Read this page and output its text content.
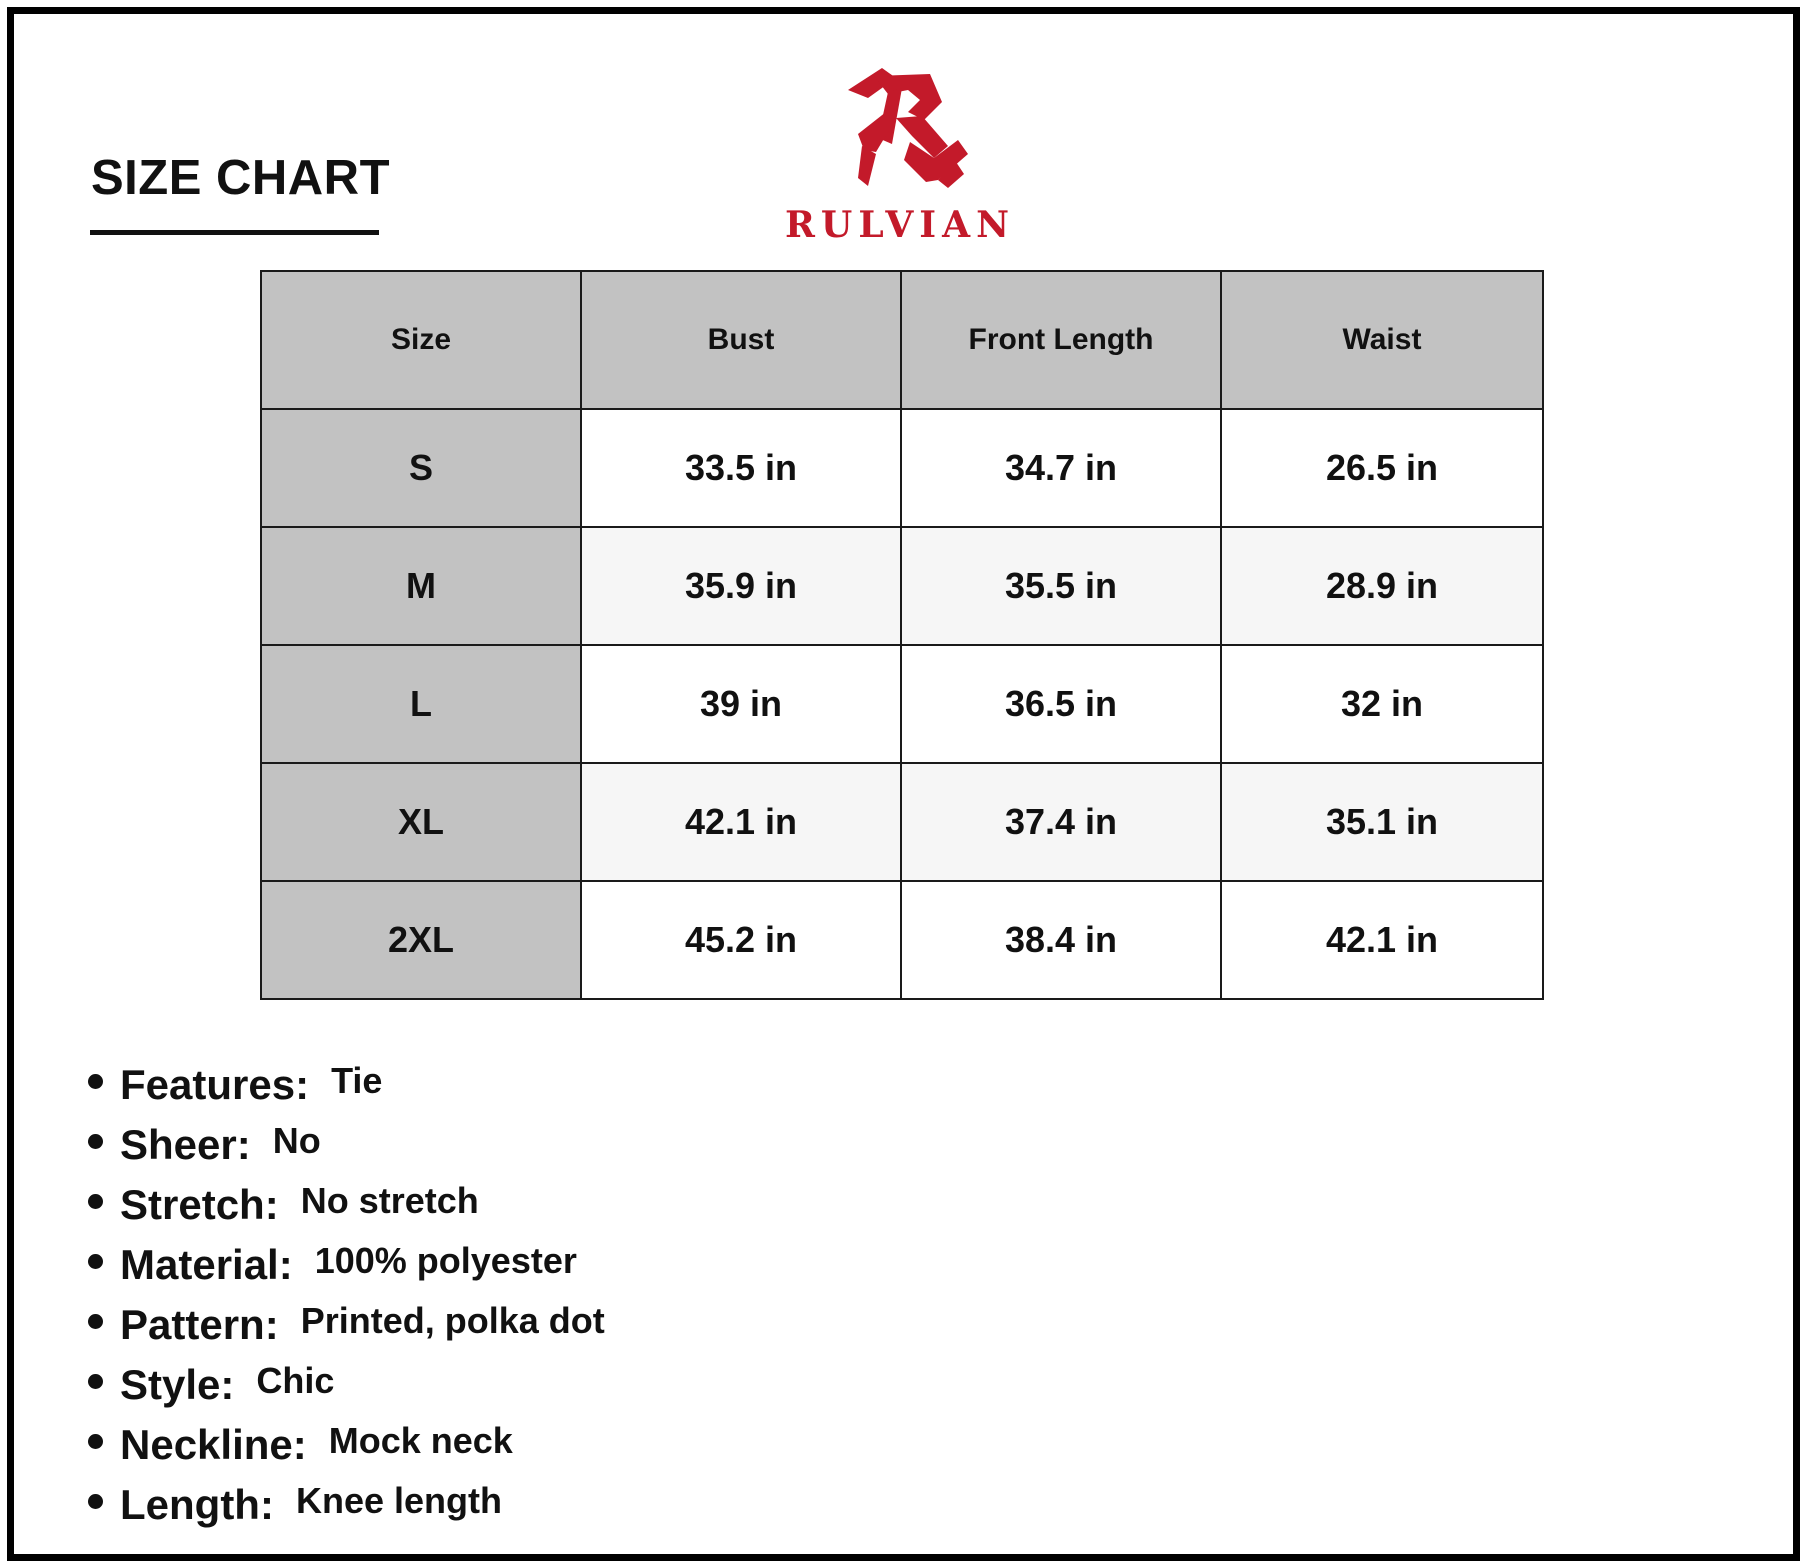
SIZE CHART
RULVIAN
Size	Bust	Front Length	Waist
S	33.5 in	34.7 in	26.5 in
M	35.9 in	35.5 in	28.9 in
L	39 in	36.5 in	32 in
XL	42.1 in	37.4 in	35.1 in
2XL	45.2 in	38.4 in	42.1 in
Features: Tie
Sheer: No
Stretch: No stretch
Material: 100% polyester
Pattern: Printed, polka dot
Style: Chic
Neckline: Mock neck
Length: Knee length
